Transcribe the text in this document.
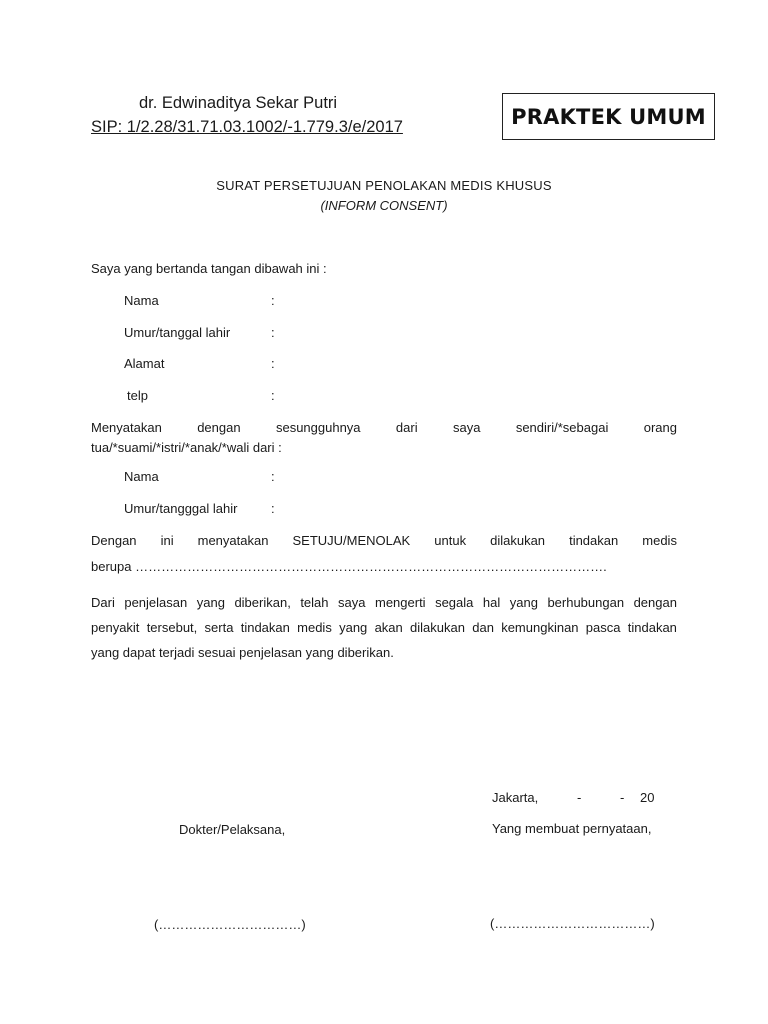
dr. Edwinaditya Sekar Putri
SIP: 1/2.28/31.71.03.1002/-1.779.3/e/2017	PRAKTEK UMUM
SURAT PERSETUJUAN PENOLAKAN MEDIS KHUSUS
(INFORM CONSENT)
Saya yang bertanda tangan dibawah ini :
Nama	:
Umur/tanggal lahir	:
Alamat	:
telp	:
Menyatakan	dengan	sesungguhnya	dari	saya	sendiri/*sebagai	orang
tua/*suami/*istri/*anak/*wali dari :
Nama	:
Umur/tangggal lahir	:
Dengan ini menyatakan SETUJU/MENOLAK untuk dilakukan tindakan medis
berupa ……………………………………………………………………………………………….
Dari penjelasan yang diberikan, telah saya mengerti segala hal yang berhubungan dengan
penyakit tersebut, serta tindakan medis yang akan dilakukan dan kemungkinan pasca tindakan
yang dapat terjadi sesuai penjelasan yang diberikan.
Jakarta,	-	- 20
Dokter/Pelaksana,	Yang membuat pernyataan,
(……………………………)	(………………………………)
